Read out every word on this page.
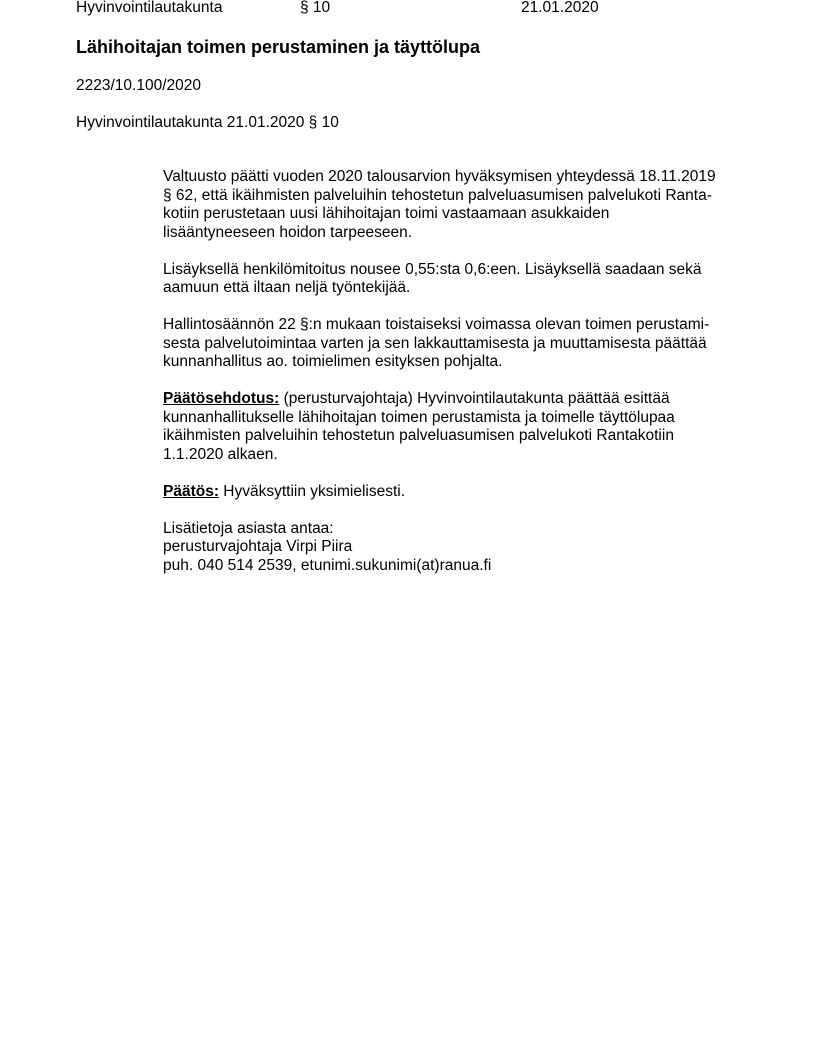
Hyvinvointilautakunta	§ 10	21.01.2020
Lähihoitajan toimen perustaminen ja täyttölupa
2223/10.100/2020
Hyvinvointilautakunta 21.01.2020 § 10

Valtuusto päätti vuoden 2020 talousarvion hyväksymisen yhteydessä 18.11.2019
§ 62, että ikäihmisten palveluihin tehostetun palveluasumisen palvelukoti Ranta-
kotiin perustetaan uusi lähihoitajan toimi vastaamaan asukkaiden
lisääntyneeseen hoidon tarpeeseen.

Lisäyksellä henkilömitoitus nousee 0,55:sta 0,6:een. Lisäyksellä saadaan sekä
aamuun että iltaan neljä työntekijää.

Hallintosäännön 22 §:n mukaan toistaiseksi voimassa olevan toimen perustami-
sesta palvelutoimintaa varten ja sen lakkauttamisesta ja muuttamisesta päättää
kunnanhallitus ao. toimielimen esityksen pohjalta.

Päätösehdotus: (perusturvajohtaja) Hyvinvointilautakunta päättää esittää
kunnanhallitukselle lähihoitajan toimen perustamista ja toimelle täyttölupaa
ikäihmisten palveluihin tehostetun palveluasumisen palvelukoti Rantakotiin
1.1.2020 alkaen.

Päätös: Hyväksyttiin yksimielisesti.

Lisätietoja asiasta antaa:
perusturvajohtaja Virpi Piira
puh. 040 514 2539, etunimi.sukunimi(at)ranua.fi
